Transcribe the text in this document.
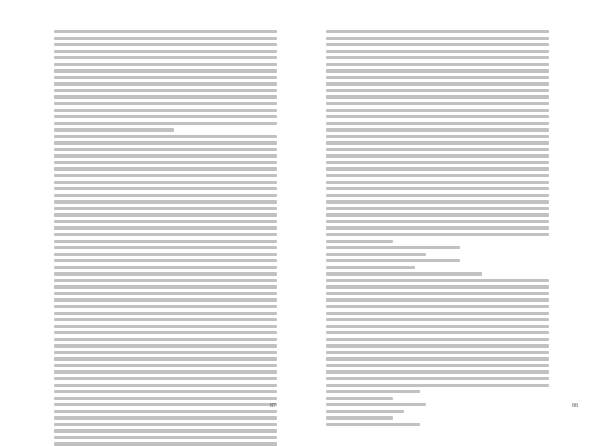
87	88
